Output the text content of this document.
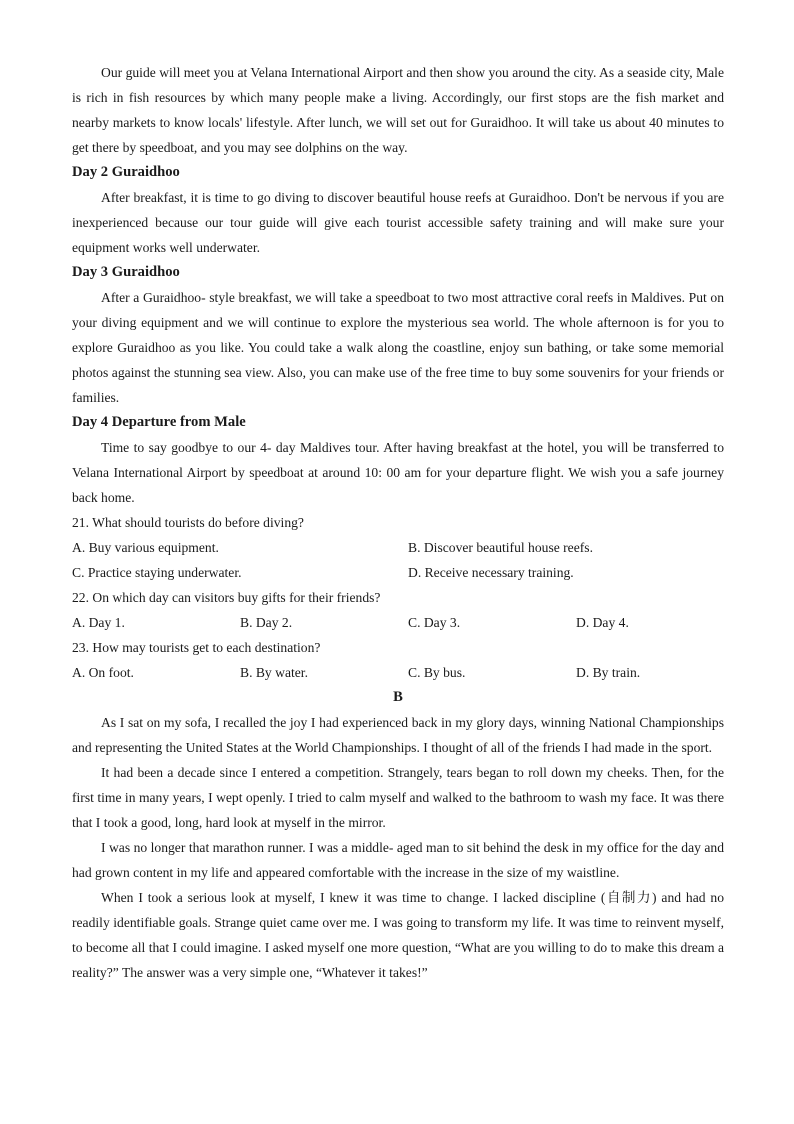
Our guide will meet you at Velana International Airport and then show you around the city. As a seaside city, Male is rich in fish resources by which many people make a living. Accordingly, our first stops are the fish market and nearby markets to know locals' lifestyle. After lunch, we will set out for Guraidhoo. It will take us about 40 minutes to get there by speedboat, and you may see dolphins on the way.

Day 2 Guraidhoo

After breakfast, it is time to go diving to discover beautiful house reefs at Guraidhoo. Don't be nervous if you are inexperienced because our tour guide will give each tourist accessible safety training and will make sure your equipment works well underwater.

Day 3 Guraidhoo

After a Guraidhoo- style breakfast, we will take a speedboat to two most attractive coral reefs in Maldives. Put on your diving equipment and we will continue to explore the mysterious sea world. The whole afternoon is for you to explore Guraidhoo as you like. You could take a walk along the coastline, enjoy sun bathing, or take some memorial photos against the stunning sea view. Also, you can make use of the free time to buy some souvenirs for your friends or families.

Day 4 Departure from Male

Time to say goodbye to our 4- day Maldives tour. After having breakfast at the hotel, you will be transferred to Velana International Airport by speedboat at around 10: 00 am for your departure flight. We wish you a safe journey back home.

21. What should tourists do before diving?
A. Buy various equipment.	B. Discover beautiful house reefs.
C. Practice staying underwater.	D. Receive necessary training.
22. On which day can visitors buy gifts for their friends?
A. Day 1.	B. Day 2.	C. Day 3.	D. Day 4.
23. How may tourists get to each destination?
A. On foot.	B. By water.	C. By bus.	D. By train.
B

As I sat on my sofa, I recalled the joy I had experienced back in my glory days, winning National Championships and representing the United States at the World Championships. I thought of all of the friends I had made in the sport.

It had been a decade since I entered a competition. Strangely, tears began to roll down my cheeks. Then, for the first time in many years, I wept openly. I tried to calm myself and walked to the bathroom to wash my face. It was there that I took a good, long, hard look at myself in the mirror.

I was no longer that marathon runner. I was a middle- aged man to sit behind the desk in my office for the day and had grown content in my life and appeared comfortable with the increase in the size of my waistline.

When I took a serious look at myself, I knew it was time to change. I lacked discipline (自制力) and had no readily identifiable goals. Strange quiet came over me. I was going to transform my life. It was time to reinvent myself, to become all that I could imagine. I asked myself one more question, “What are you willing to do to make this dream a reality?” The answer was a very simple one, “Whatever it takes!”
